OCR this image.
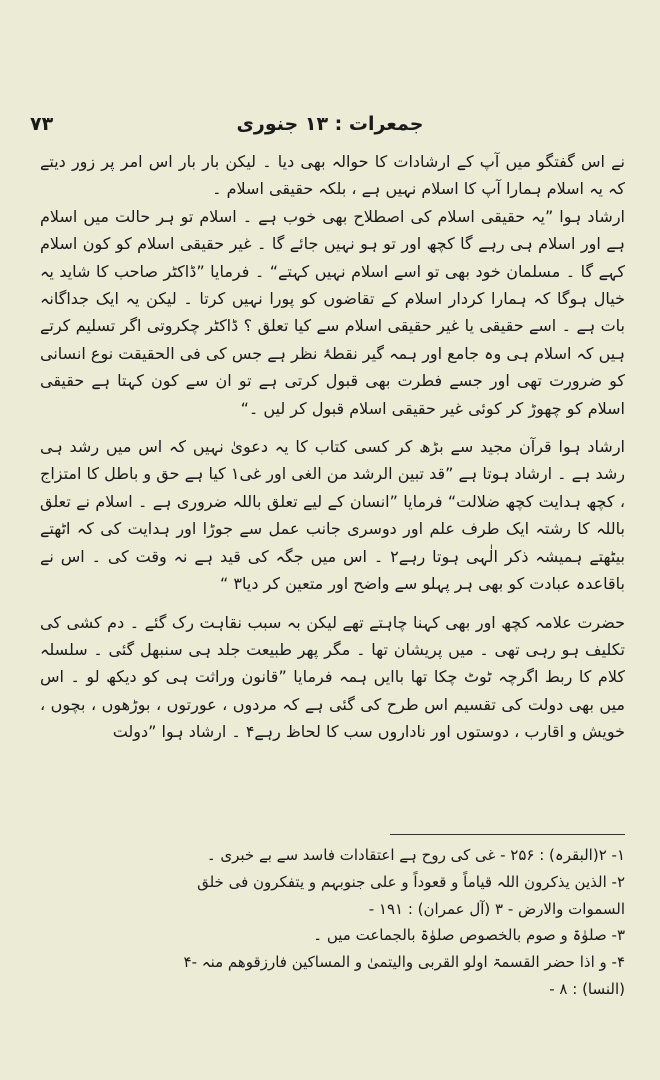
جمعرات : ۱۳ جنوری
۷۳

نے اس گفتگو میں آپ کے ارشادات کا حوالہ بھی دیا ۔ لیکن بار بار اس امر پر زور دیتے کہ یہ اسلام ہمارا آپ کا اسلام نہیں ہے ، بلکہ حقیقی اسلام ۔

ارشاد ہوا ”یہ حقیقی اسلام کی اصطلاح بھی خوب ہے ۔ اسلام تو ہر حالت میں اسلام ہے اور اسلام ہی رہے گا کچھ اور تو ہو نہیں جائے گا ۔ غیر حقیقی اسلام کو کون اسلام کہے گا ۔ مسلمان خود بھی تو اسے اسلام نہیں کہتے“ ۔ فرمایا ”ڈاکٹر صاحب کا شاید یہ خیال ہوگا کہ ہمارا کردار اسلام کے تقاضوں کو پورا نہیں کرتا ۔ لیکن یہ ایک جداگانہ بات ہے ۔ اسے حقیقی یا غیر حقیقی اسلام سے کیا تعلق ؟ ڈاکٹر چکروتی اگر تسلیم کرتے ہیں کہ اسلام ہی وہ جامع اور ہمہ گیر نقطۂ نظر ہے جس کی فی الحقیقت نوع انسانی کو ضرورت تھی اور جسے فطرت بھی قبول کرتی ہے تو ان سے کون کہتا ہے حقیقی اسلام کو چھوڑ کر کوئی غیر حقیقی اسلام قبول کر لیں ۔“

ارشاد ہوا قرآن مجید سے بڑھ کر کسی کتاب کا یہ دعویٰ نہیں کہ اس میں رشد ہی رشد ہے ۔ ارشاد ہوتا ہے ”قد تبین الرشد من الغی اور غی۱ کیا ہے حق و باطل کا امتزاج ، کچھ ہدایت کچھ ضلالت“ فرمایا ”انسان کے لیے تعلق باللہ ضروری ہے ۔ اسلام نے تعلق باللہ کا رشتہ ایک طرف علم اور دوسری جانب عمل سے جوڑا اور ہدایت کی کہ اٹھتے بیٹھتے ہمیشہ ذکر الٰہی ہوتا رہے۲ ۔ اس میں جگہ کی قید ہے نہ وقت کی ۔ اس نے باقاعدہ عبادت کو بھی ہر پہلو سے واضح اور متعین کر دیا۳ “

حضرت علامہ کچھ اور بھی کہنا چاہتے تھے لیکن بہ سبب نقاہت رک گئے ۔ دم کشی کی تکلیف ہو رہی تھی ۔ میں پریشان تھا ۔ مگر پھر طبیعت جلد ہی سنبھل گئی ۔ سلسلہ کلام کا ربط اگرچہ ٹوٹ چکا تھا باایں ہمہ فرمایا ”قانون وراثت ہی کو دیکھ لو ۔ اس میں بھی دولت کی تقسیم اس طرح کی گئی ہے کہ مردوں ، عورتوں ، بوڑھوں ، بچوں ، خویش و اقارب ، دوستوں اور ناداروں سب کا لحاظ رہے۴ ۔ ارشاد ہوا ”دولت

۱- ۲(البقرہ) : ۲۵۶ - غی کی روح ہے اعتقادات فاسد سے بے خبری ۔
۲- الذین یذکرون اللہ قیاماً و قعوداً و علی جنوبہم و یتفکرون فی خلق
السموات والارض - ۳ (آل عمران) : ۱۹۱ -
۳- صلوٰۃ و صوم بالخصوص صلوٰۃ بالجماعت میں ۔
۴- و اذا حضر القسمۃ اولو القربی والیتمیٰ و المساکین فارزقوھم منہ -۴
(النسا) : ۸ -
